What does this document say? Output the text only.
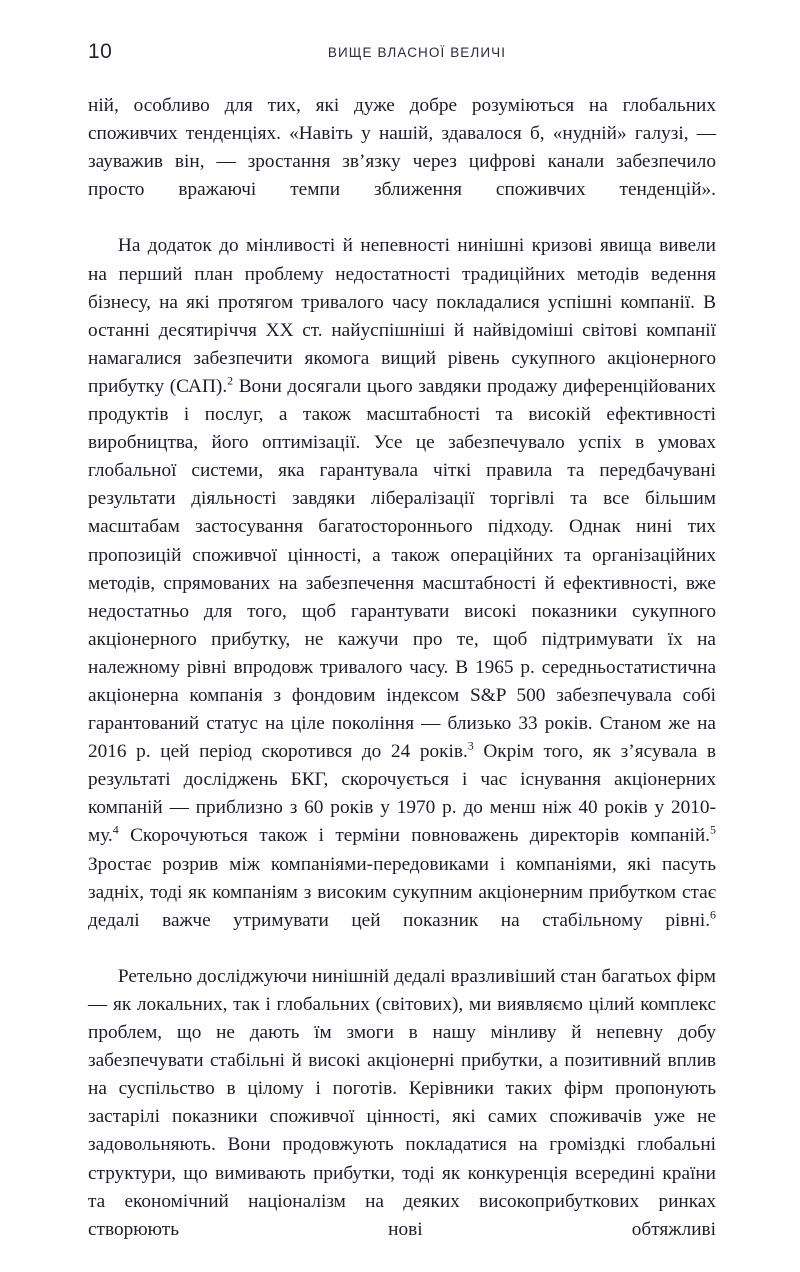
10	ВИЩЕ ВЛАСНОЇ ВЕЛИЧІ

ній, особливо для тих, які дуже добре розуміються на глобальних споживчих тенденціях. «Навіть у нашій, здавалося б, «нудній» галузі, — зауважив він, — зростання зв’язку через цифрові канали забезпечило просто вражаючі темпи зближення споживчих тенденцій».

На додаток до мінливості й непевності нинішні кризові явища вивели на перший план проблему недостатності традиційних методів ведення бізнесу, на які протягом тривалого часу покладалися успішні компанії. В останні десятиріччя XX ст. найуспішніші й найвідоміші світові компанії намагалися забезпечити якомога вищий рівень сукупного акціонерного прибутку (САП).$^2$ Вони досягали цього завдяки продажу диференційованих продуктів і послуг, а також масштабності та високій ефективності виробництва, його оптимізації. Усе це забезпечувало успіх в умовах глобальної системи, яка гарантувала чіткі правила та передбачувані результати діяльності завдяки лібералізації торгівлі та все більшим масштабам застосування багатостороннього підходу. Однак нині тих пропозицій споживчої цінності, а також операційних та організаційних методів, спрямованих на забезпечення масштабності й ефективності, вже недостатньо для того, щоб гарантувати високі показники сукупного акціонерного прибутку, не кажучи про те, щоб підтримувати їх на належному рівні впродовж тривалого часу. В 1965 р. середньостатистична акціонерна компанія з фондовим індексом S&P 500 забезпечувала собі гарантований статус на ціле покоління — близько 33 років. Станом же на 2016 р. цей період скоротився до 24 років.$^3$ Окрім того, як з’ясувала в результаті досліджень БКГ, скорочується і час існування акціонерних компаній — приблизно з 60 років у 1970 р. до менш ніж 40 років у 2010-му.$^4$ Скорочуються також і терміни повноважень директорів компаній.$^5$ Зростає розрив між компаніями-передовиками і компаніями, які пасуть задніх, тоді як компаніям з високим сукупним акціонерним прибутком стає дедалі важче утримувати цей показник на стабільному рівні.$^6$

Ретельно досліджуючи нинішній дедалі вразливіший стан багатьох фірм — як локальних, так і глобальних (світових), ми виявляємо цілий комплекс проблем, що не дають їм змоги в нашу мінливу й непевну добу забезпечувати стабільні й високі акціонерні прибутки, а позитивний вплив на суспільство в цілому і поготів. Керівники таких фірм пропонують застарілі показники споживчої цінності, які самих споживачів уже не задовольняють. Вони продовжують покладатися на громіздкі глобальні структури, що вимивають прибутки, тоді як конкуренція всередині країни та економічний націоналізм на деяких високоприбуткових ринках створюють нові обтяжливі
